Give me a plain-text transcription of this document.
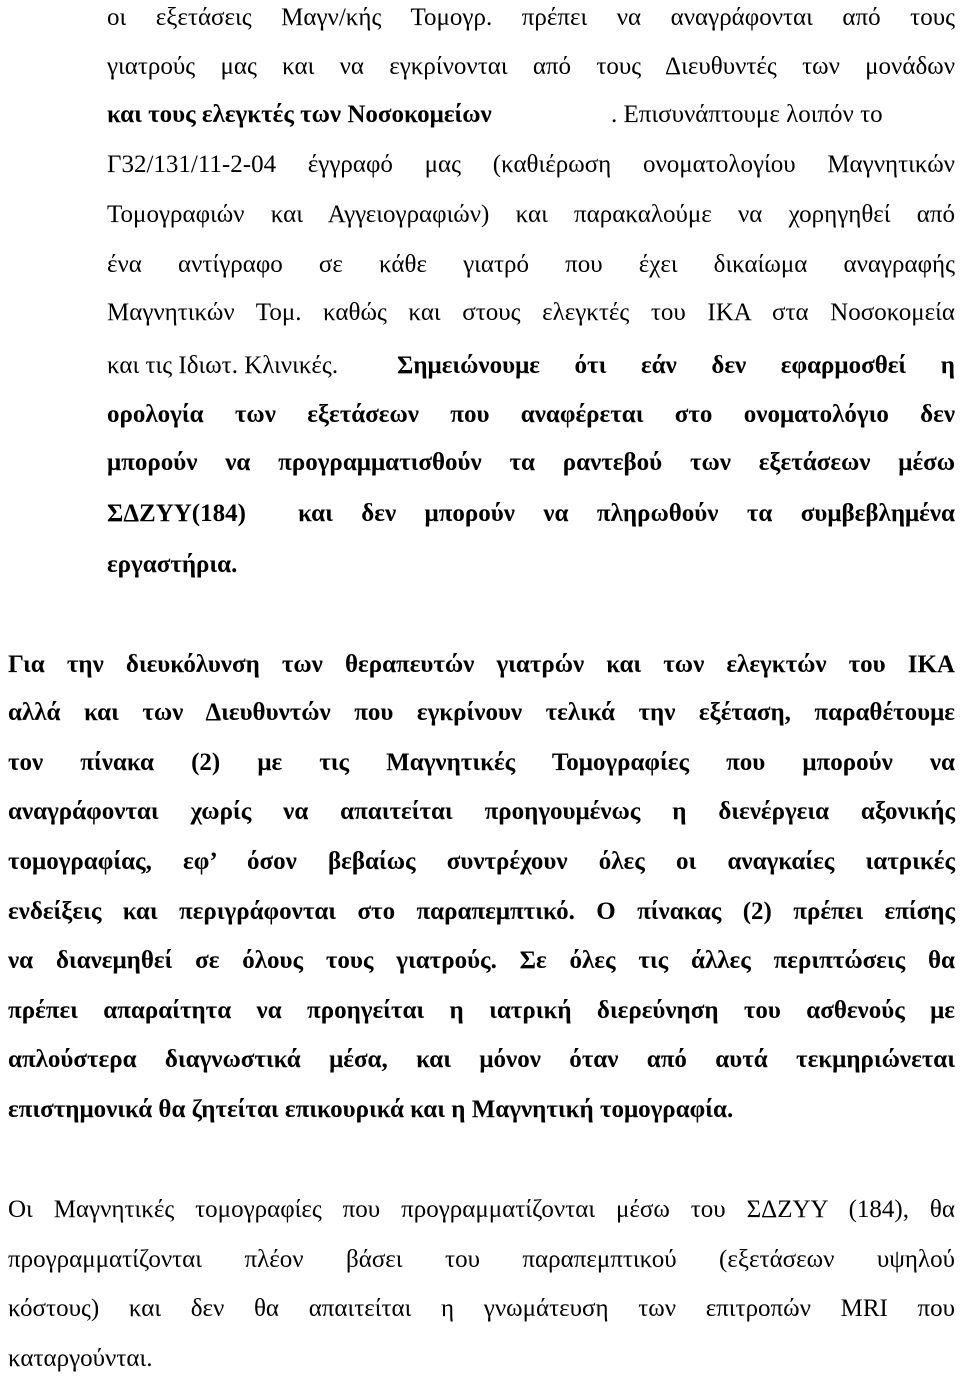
οι εξετάσεις Μαγν/κής Τομογρ. πρέπει να αναγράφονται από τους

γιατρούς μας και να εγκρίνονται από τους Διευθυντές των μονάδων

και τους ελεγκτές των Νοσοκομείων	. Επισυνάπτουμε λοιπόν το

Γ32/131/11-2-04 έγγραφό μας (καθιέρωση ονοματολογίου Μαγνητικών

Τομογραφιών και Αγγειογραφιών) και παρακαλούμε να χορηγηθεί από

ένα αντίγραφο σε κάθε γιατρό που έχει δικαίωμα αναγραφής

Μαγνητικών Τομ. καθώς και στους ελεγκτές του ΙΚΑ στα Νοσοκομεία

και τις Ιδιωτ. Κλινικές. Σημειώνουμε ότι εάν δεν εφαρμοσθεί η

ορολογία των εξετάσεων που αναφέρεται στο ονοματολόγιο δεν

μπορούν να προγραμματισθούν τα ραντεβού των εξετάσεων μέσω

ΣΔΖΥΥ(184) και δεν μπορούν να πληρωθούν τα συμβεβλημένα

εργαστήρια.

Για την διευκόλυνση των θεραπευτών γιατρών και των ελεγκτών του ΙΚΑ

αλλά και των Διευθυντών που εγκρίνουν τελικά την εξέταση, παραθέτουμε

τον πίνακα (2) με τις Μαγνητικές Τομογραφίες που μπορούν να

αναγράφονται χωρίς να απαιτείται προηγουμένως η διενέργεια αξονικής

τομογραφίας, εφ’ όσον βεβαίως συντρέχουν όλες οι αναγκαίες ιατρικές

ενδείξεις και περιγράφονται στο παραπεμπτικό. Ο πίνακας (2) πρέπει επίσης

να διανεμηθεί σε όλους τους γιατρούς. Σε όλες τις άλλες περιπτώσεις θα

πρέπει απαραίτητα να προηγείται η ιατρική διερεύνηση του ασθενούς με

απλούστερα διαγνωστικά μέσα, και μόνον όταν από αυτά τεκμηριώνεται

επιστημονικά θα ζητείται επικουρικά και η Μαγνητική τομογραφία.

Οι Μαγνητικές τομογραφίες που προγραμματίζονται μέσω του ΣΔΖΥΥ (184), θα

προγραμματίζονται πλέον βάσει του παραπεμπτικού (εξετάσεων υψηλού

κόστους) και δεν θα απαιτείται η γνωμάτευση των επιτροπών MRI που

καταργούνται.
